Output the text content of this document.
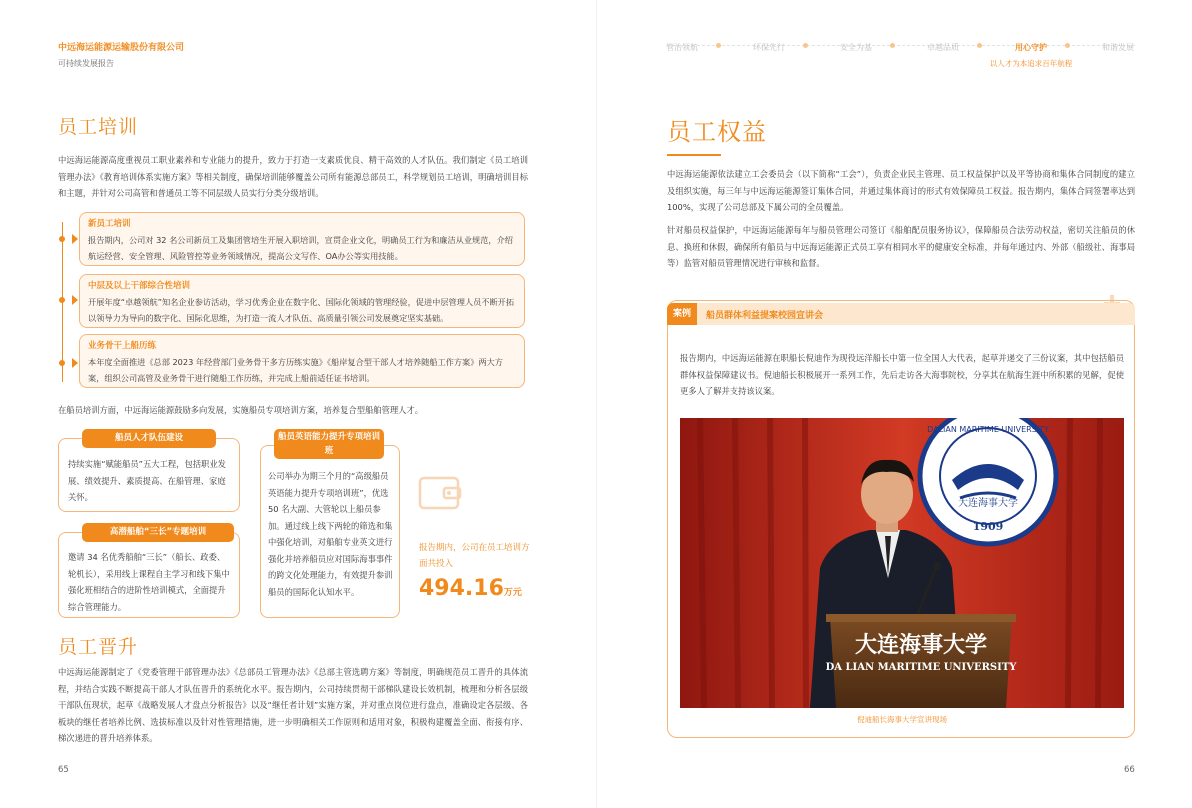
中远海运能源运输股份有限公司
可持续发展报告
员工培训
中远海运能源高度重视员工职业素养和专业能力的提升，致力于打造一支素质优良、精干高效的人才队伍。我们制定《员工培训管理办法》《教育培训体系实施方案》等相关制度，确保培训能够覆盖公司所有能源总部员工，科学规划员工培训，明确培训目标和主题，并针对公司高管和普通员工等不同层级人员实行分类分级培训。
新员工培训
报告期内，公司对 32 名公司新员工及集团管培生开展入职培训，宣贯企业文化，明确员工行为和廉洁从业规范，介绍航运经营、安全管理、风险管控等业务领域情况，提高公文写作、OA办公等实用技能。
中层及以上干部综合性培训
开展年度“卓越领航”知名企业参访活动，学习优秀企业在数字化、国际化领域的管理经验，促进中层管理人员不断开拓以领导力为导向的数字化、国际化思维，为打造一流人才队伍、高质量引领公司发展奠定坚实基础。
业务骨干上船历练
本年度全面推进《总部 2023 年经营部门业务骨干多方历练实施》《船岸复合型干部人才培养随船工作方案》两大方案，组织公司高管及业务骨干进行随船工作历练，并完成上船前适任证书培训。
在船员培训方面，中远海运能源鼓励多向发展，实施船员专项培训方案，培养复合型船舶管理人才。
船员人才队伍建设
持续实施“赋能船员”五大工程，包括职业发展、绩效提升、素质提高、在船管理、家庭关怀。
高潜船舶“三长”专题培训
邀请 34 名优秀船舶“三长”（船长、政委、轮机长），采用线上课程自主学习和线下集中强化班相结合的进阶性培训模式，全面提升综合管理能力。
船员英语能力提升专项培训班
公司举办为期三个月的“高级船员英语能力提升专项培训班”，优选 50 名大副、大管轮以上船员参加。通过线上线下两轮的筛选和集中强化培训，对船舶专业英文进行强化并培养船员应对国际海事事件的跨文化处理能力，有效提升参训船员的国际化认知水平。
报告期内，公司在员工培训方面共投入
494.16万元
员工晋升
中远海运能源制定了《党委管理干部管理办法》《总部员工管理办法》《总部主管选聘方案》等制度，明确规范员工晋升的具体流程，并结合实践不断提高干部人才队伍晋升的系统化水平。报告期内，公司持续贯彻干部梯队建设长效机制，梳理和分析各层级干部队伍现状，起草《战略发展人才盘点分析报告》以及“继任者计划”实施方案，并对重点岗位进行盘点，准确设定各层级、各板块的继任者培养比例、选拔标准以及针对性管理措施，进一步明确相关工作原则和适用对象，积极构建覆盖全面、衔接有序、梯次递进的晋升培养体系。
65
管治领航	环保先行	安全为基	卓越品质	用心守护	和谐发展
以人才为本追求百年航程
员工权益
中远海运能源依法建立工会委员会（以下简称“工会”），负责企业民主管理、员工权益保护以及平等协商和集体合同制度的建立及组织实施，每三年与中远海运能源签订集体合同，并通过集体商讨的形式有效保障员工权益。报告期内，集体合同签署率达到 100%，实现了公司总部及下属公司的全员覆盖。
针对船员权益保护，中远海运能源每年与船员管理公司签订《船舶配员服务协议》，保障船员合法劳动权益，密切关注船员的休息、换班和休假，确保所有船员与中远海运能源正式员工享有相同水平的健康安全标准，并每年通过内、外部（船级社、海事局等）监管对船员管理情况进行审核和监督。
案例	船员群体利益提案校园宣讲会
报告期内，中远海运能源在职船长倪迪作为现役远洋船长中第一位全国人大代表，起草并递交了三份议案，其中包括船员群体权益保障建议书。倪迪船长积极展开一系列工作，先后走访各大海事院校，分享其在航海生涯中所积累的见解，促使更多人了解并支持该议案。
大连海事大学
1909
DALIAN MARITIME UNIVERSITY
大连海事大学
DA LIAN MARITIME UNIVERSITY
倪迪船长海事大学宣讲现场
66
